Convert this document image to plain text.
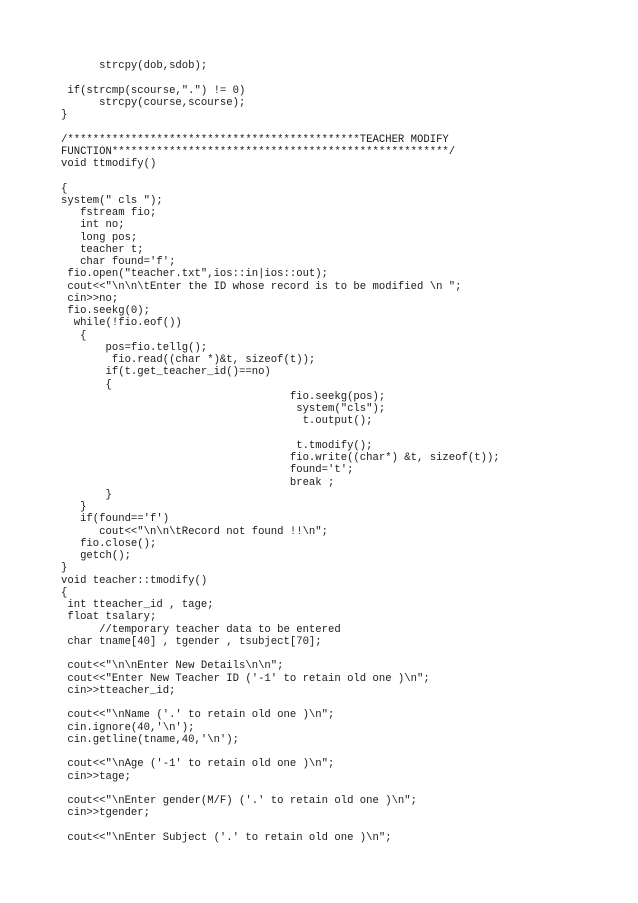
strcpy(dob,sdob);
if(strcmp(scourse,".") != 0)
strcpy(course,scourse);
}
/**********************************************TEACHER MODIFY
FUNCTION*****************************************************/
void ttmodify()
{
system(" cls ");
fstream fio;
int no;
long pos;
teacher t;
char found='f';
fio.open("teacher.txt",ios::in|ios::out);
cout<<"\n\n\tEnter the ID whose record is to be modified \n ";
cin>>no;
fio.seekg(0);
while(!fio.eof())
{
pos=fio.tellg();
fio.read((char *)&t, sizeof(t));
if(t.get_teacher_id()==no)
{
fio.seekg(pos);
system("cls");
t.output();
t.tmodify();
fio.write((char*) &t, sizeof(t));
found='t';
break ;
}
}
if(found=='f')
cout<<"\n\n\tRecord not found !!\n";
fio.close();
getch();
}
void teacher::tmodify()
{
int tteacher_id , tage;
float tsalary;
//temporary teacher data to be entered
char tname[40] , tgender , tsubject[70];
cout<<"\n\nEnter New Details\n\n";
cout<<"Enter New Teacher ID ('-1' to retain old one )\n";
cin>>tteacher_id;
cout<<"\nName ('.' to retain old one )\n";
cin.ignore(40,'\n');
cin.getline(tname,40,'\n');
cout<<"\nAge ('-1' to retain old one )\n";
cin>>tage;
cout<<"\nEnter gender(M/F) ('.' to retain old one )\n";
cin>>tgender;
cout<<"\nEnter Subject ('.' to retain old one )\n";
